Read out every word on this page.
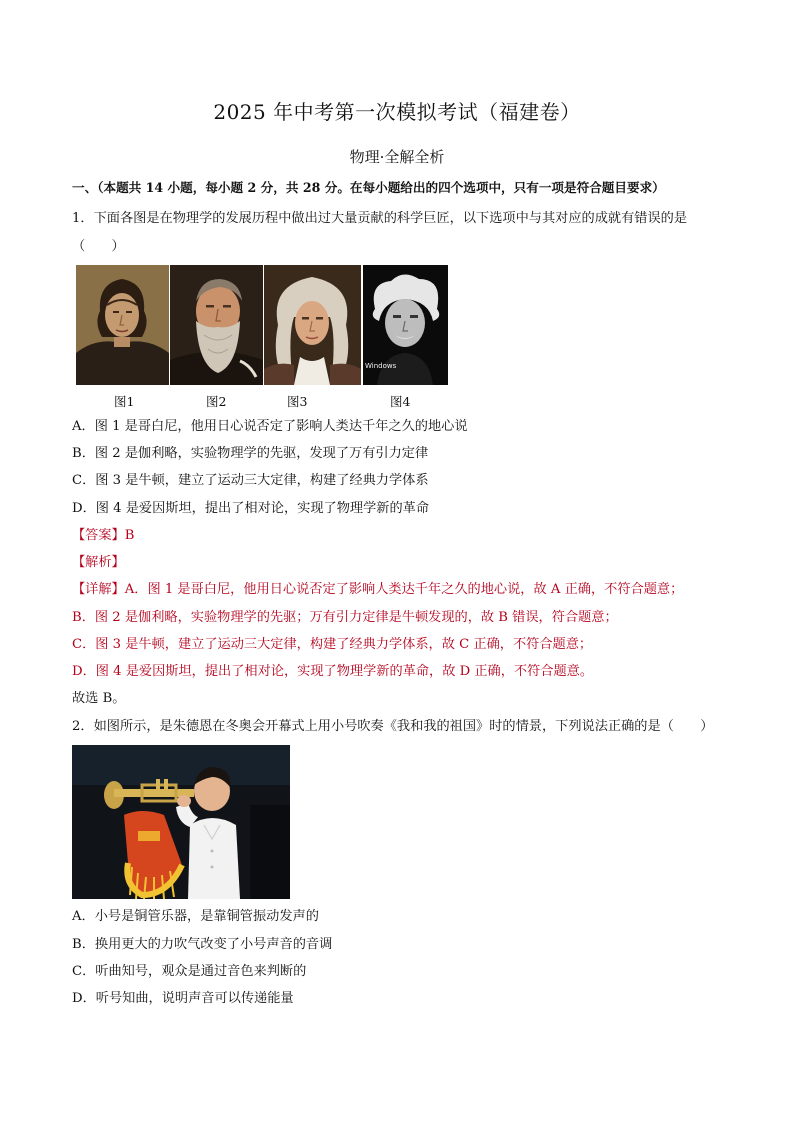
2025 年中考第一次模拟考试（福建卷）
物理·全解全析
一、（本题共 14 小题，每小题 2 分，共 28 分。在每小题给出的四个选项中，只有一项是符合题目要求）
1．下面各图是在物理学的发展历程中做出过大量贡献的科学巨匠，以下选项中与其对应的成就有错误的是
（　　）
Windows
图1	图2	图3	图4
A．图 1 是哥白尼，他用日心说否定了影响人类达千年之久的地心说
B．图 2 是伽利略，实验物理学的先驱，发现了万有引力定律
C．图 3 是牛顿，建立了运动三大定律，构建了经典力学体系
D．图 4 是爱因斯坦，提出了相对论，实现了物理学新的革命
【答案】B
【解析】
【详解】A．图 1 是哥白尼，他用日心说否定了影响人类达千年之久的地心说，故 A 正确，不符合题意；
B．图 2 是伽利略，实验物理学的先驱；万有引力定律是牛顿发现的，故 B 错误，符合题意；
C．图 3 是牛顿，建立了运动三大定律，构建了经典力学体系，故 C 正确，不符合题意；
D．图 4 是爱因斯坦，提出了相对论，实现了物理学新的革命，故 D 正确，不符合题意。
故选 B。
2．如图所示，是朱德恩在冬奥会开幕式上用小号吹奏《我和我的祖国》时的情景，下列说法正确的是（　　）
A．小号是铜管乐器，是靠铜管振动发声的
B．换用更大的力吹气改变了小号声音的音调
C．听曲知号，观众是通过音色来判断的
D．听号知曲，说明声音可以传递能量
